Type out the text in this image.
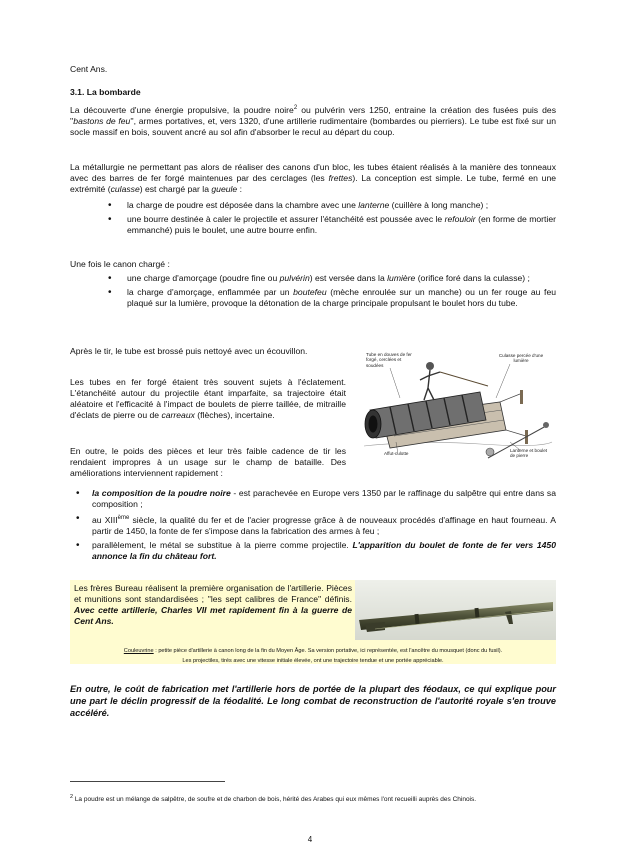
Cent Ans.

3.1. La bombarde

La découverte d'une énergie propulsive, la poudre noire$^2$ ou pulvérin vers 1250, entraine la création des fusées puis des ''bastons de feu'', armes portatives, et, vers 1320, d'une artillerie rudimentaire (bombardes ou pierriers). Le tube est fixé sur un socle massif en bois, souvent ancré au sol afin d'absorber le recul au départ du coup.

La métallurgie ne permettant pas alors de réaliser des canons d'un bloc, les tubes étaient réalisés à la manière des tonneaux avec des barres de fer forgé maintenues par des cerclages (les frettes). La conception est simple. Le tube, fermé en une extrémité (culasse) est chargé par la gueule :

• la charge de poudre est déposée dans la chambre avec une lanterne (cuillère à long manche) ;
• une bourre destinée à caler le projectile et assurer l'étanchéité est poussée avec le refouloir (en forme de mortier emmanché) puis le boulet, une autre bourre enfin.

Une fois le canon chargé :

• une charge d'amorçage (poudre fine ou pulvérin) est versée dans la lumière (orifice foré dans la culasse) ;
• la charge d'amorçage, enflammée par un boutefeu (mèche enroulée sur un manche) ou un fer rouge au feu plaqué sur la lumière, provoque la détonation de la charge principale propulsant le boulet hors du tube.

Après le tir, le tube est brossé puis nettoyé avec un écouvillon.

Les tubes en fer forgé étaient très souvent sujets à l'éclatement. L'étanchéité autour du projectile étant imparfaite, sa trajectoire était aléatoire et l'efficacité à l'impact de boulets de pierre taillée, de mitraille d'éclats de pierre ou de carreaux (flèches), incertaine.

En outre, le poids des pièces et leur très faible cadence de tir les rendaient impropres à un usage sur le champ de bataille. Des améliorations interviennent rapidement :

• la composition de la poudre noire - est parachevée en Europe vers 1350 par le raffinage du salpêtre qui entre dans sa composition ;
• au XIIIème siècle, la qualité du fer et de l'acier progresse grâce à de nouveaux procédés d'affinage en haut fourneau. A partir de 1450, la fonte de fer s'impose dans la fabrication des armes à feu ;
• parallèlement, le métal se substitue à la pierre comme projectile. L'apparition du boulet de fonte de fer vers 1450 annonce la fin du château fort.

Les frères Bureau réalisent la première organisation de l'artillerie. Pièces et munitions sont standardisées ; ''les sept calibres de France'' définis. Avec cette artillerie, Charles VII met rapidement fin à la guerre de Cent Ans.

Couleuvrine : petite pièce d'artillerie à canon long de la fin du Moyen Âge. Sa version portative, ici représentée, est l'ancêtre du mousquet (donc du fusil).

Les projectiles, tirés avec une vitesse initiale élevée, ont une trajectoire tendue et une portée appréciable.

En outre, le coût de fabrication met l'artillerie hors de portée de la plupart des féodaux, ce qui explique pour une part le déclin progressif de la féodalité. Le long combat de reconstruction de l'autorité royale s'en trouve accéléré.

Tube en douves de fer forgé, cerclées et soudées
Culasse percée d'une lumière
Affut-culotte
Lanterne et boulet de pierre

$^2$ La poudre est un mélange de salpêtre, de soufre et de charbon de bois, hérité des Arabes qui eux mêmes l'ont recueilli auprès des Chinois.

4
